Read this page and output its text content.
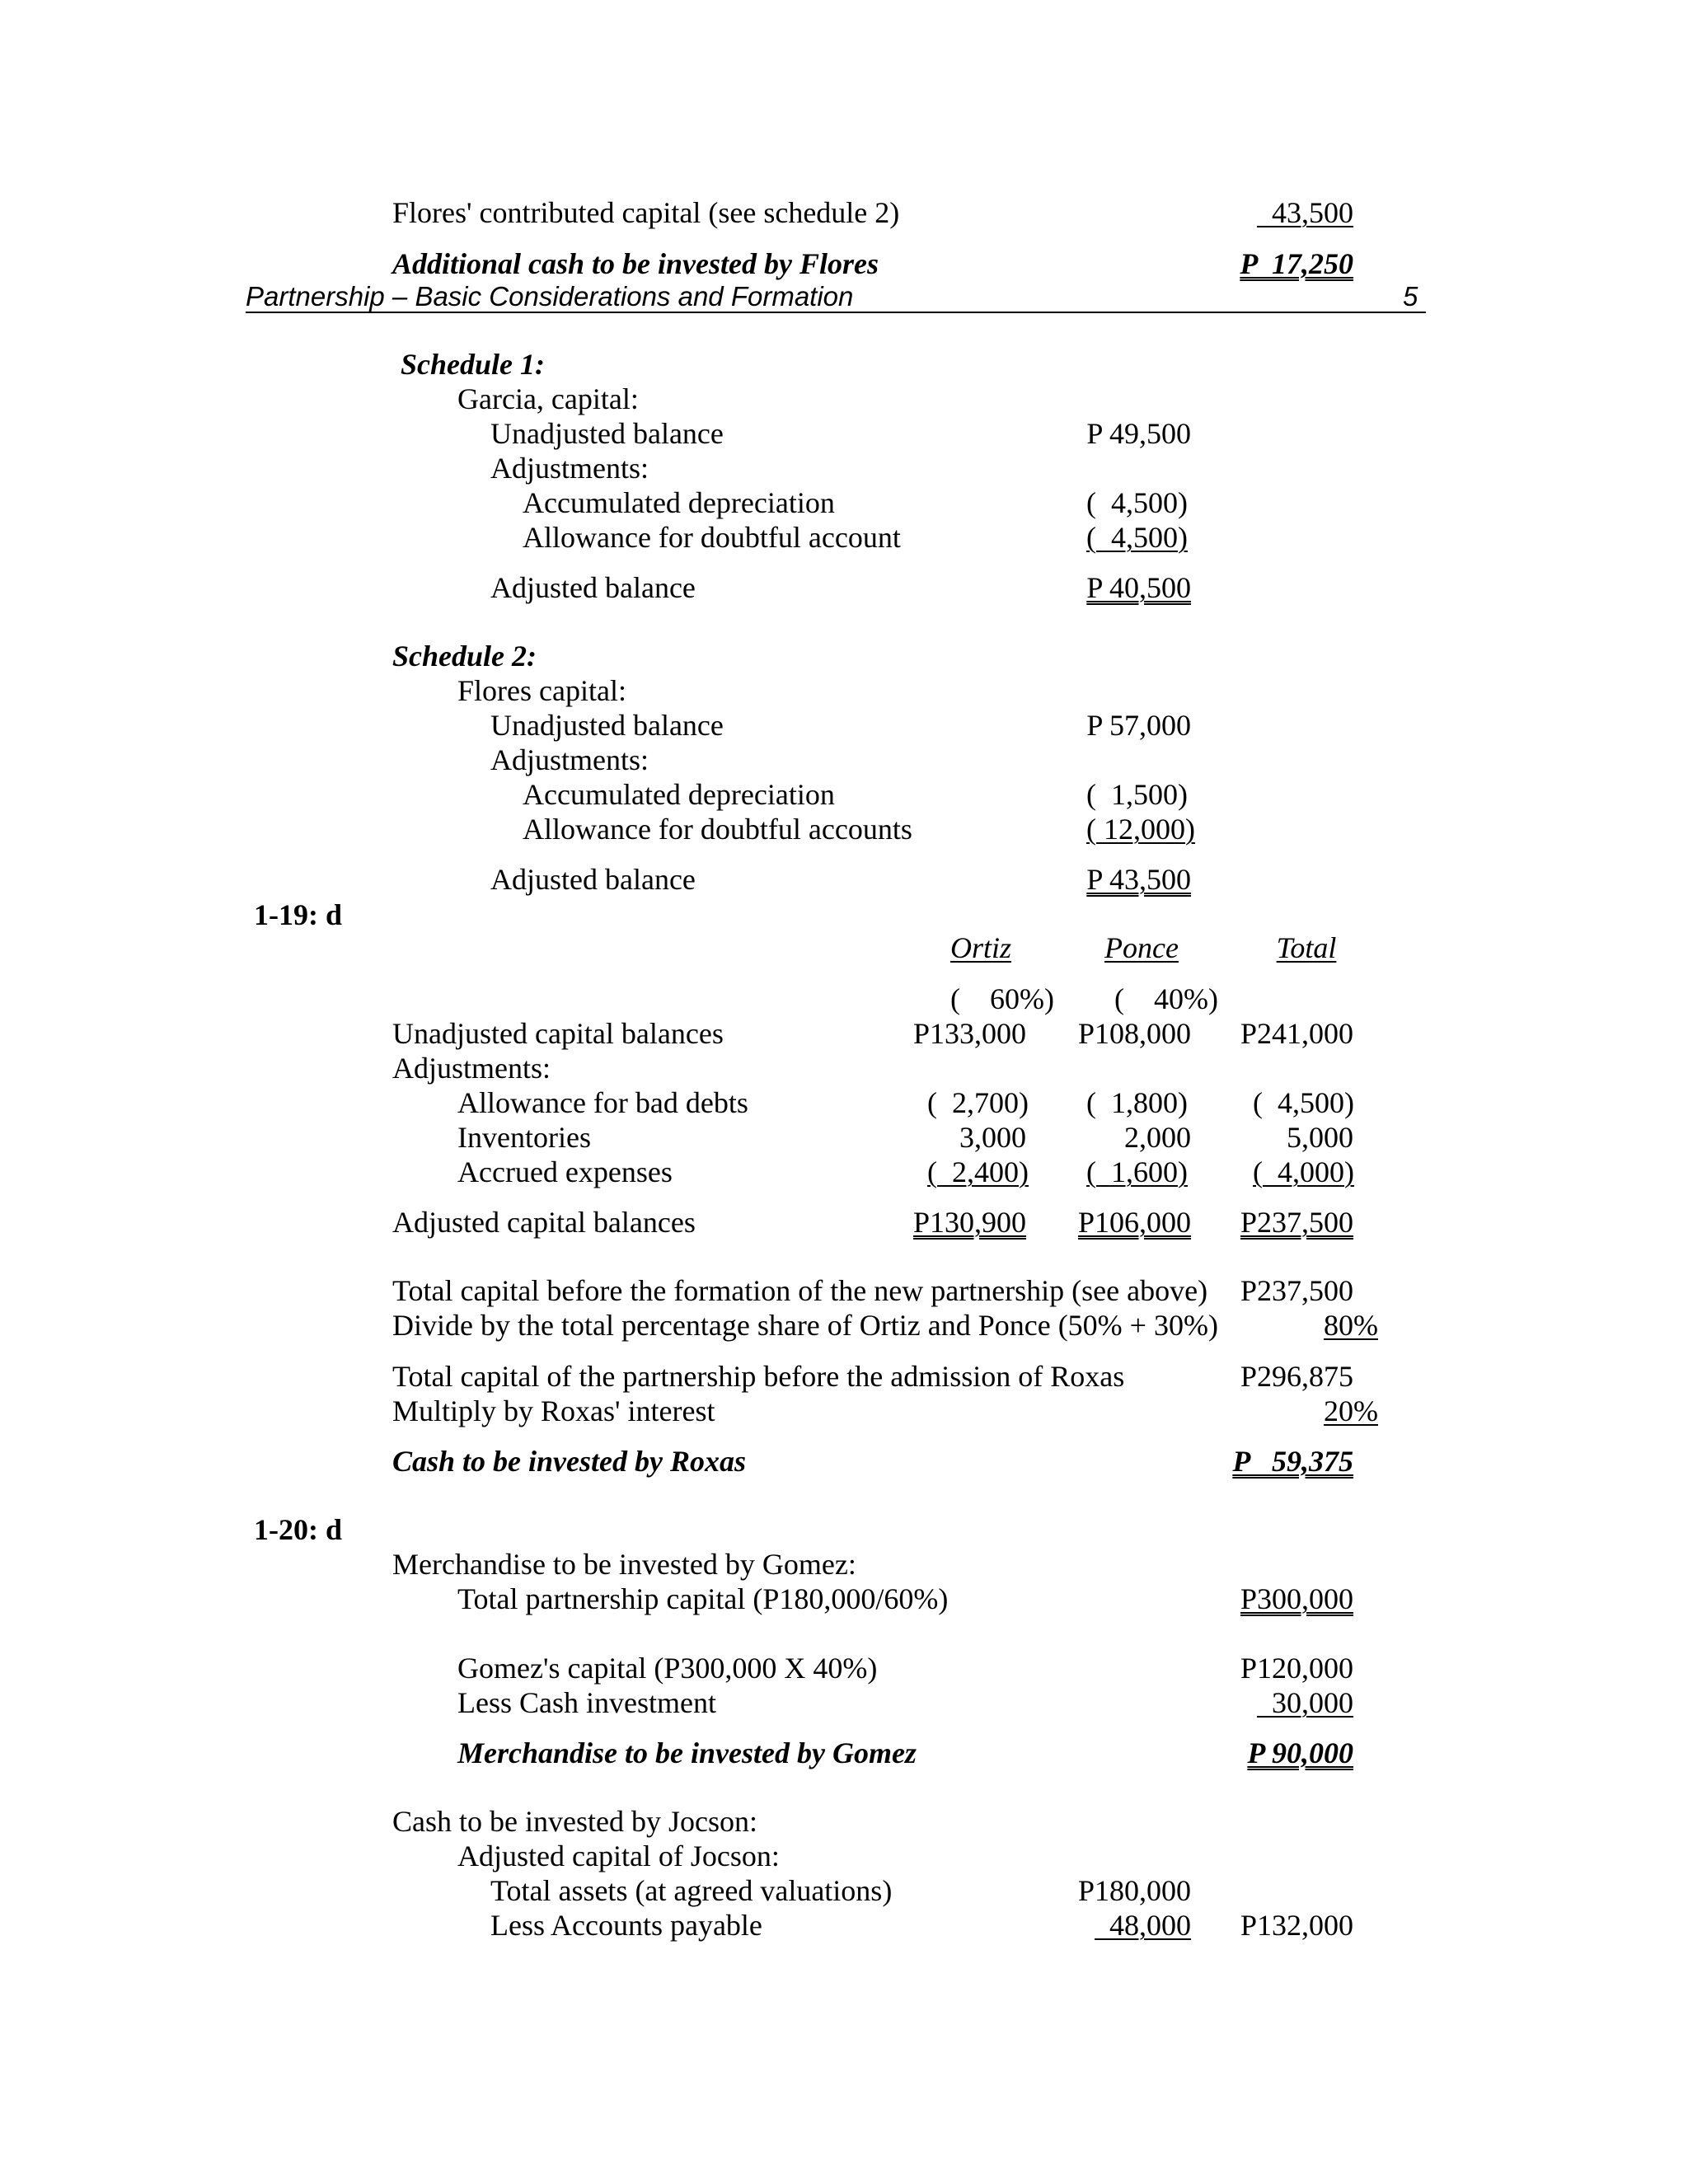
Flores' contributed capital (see schedule 2)	43,500
Additional cash to be invested by Flores	P  17,250
Partnership – Basic Considerations and Formation	5
Schedule 1:
Garcia, capital:
Unadjusted balance	P 49,500
Adjustments:
Accumulated depreciation	(  4,500)
Allowance for doubtful account	(  4,500)
Adjusted balance	P 40,500
Schedule 2:
Flores capital:
Unadjusted balance	P 57,000
Adjustments:
Accumulated depreciation	(  1,500)
Allowance for doubtful accounts	( 12,000)
Adjusted balance	P 43,500
1-19: d
Ortiz	Ponce	Total
(    60%) (    40%)
Unadjusted capital balances	P133,000	P108,000	P241,000
Adjustments:
Allowance for bad debts	(  2,700) (  1,800) (  4,500)
Inventories	3,000	2,000	5,000
Accrued expenses	(  2,400) (  1,600) (  4,000)
Adjusted capital balances	P130,900	P106,000	P237,500
Total capital before the formation of the new partnership (see above)	P237,500
Divide by the total percentage share of Ortiz and Ponce (50% + 30%)	80%
Total capital of the partnership before the admission of Roxas	P296,875
Multiply by Roxas' interest	20%
Cash to be invested by Roxas	P   59,375
1-20: d
Merchandise to be invested by Gomez:
Total partnership capital (P180,000/60%)	P300,000
Gomez's capital (P300,000 X 40%)	P120,000
Less Cash investment	30,000
Merchandise to be invested by Gomez	P 90,000
Cash to be invested by Jocson:
Adjusted capital of Jocson:
Total assets (at agreed valuations)	P180,000
Less Accounts payable	48,000	P132,000
